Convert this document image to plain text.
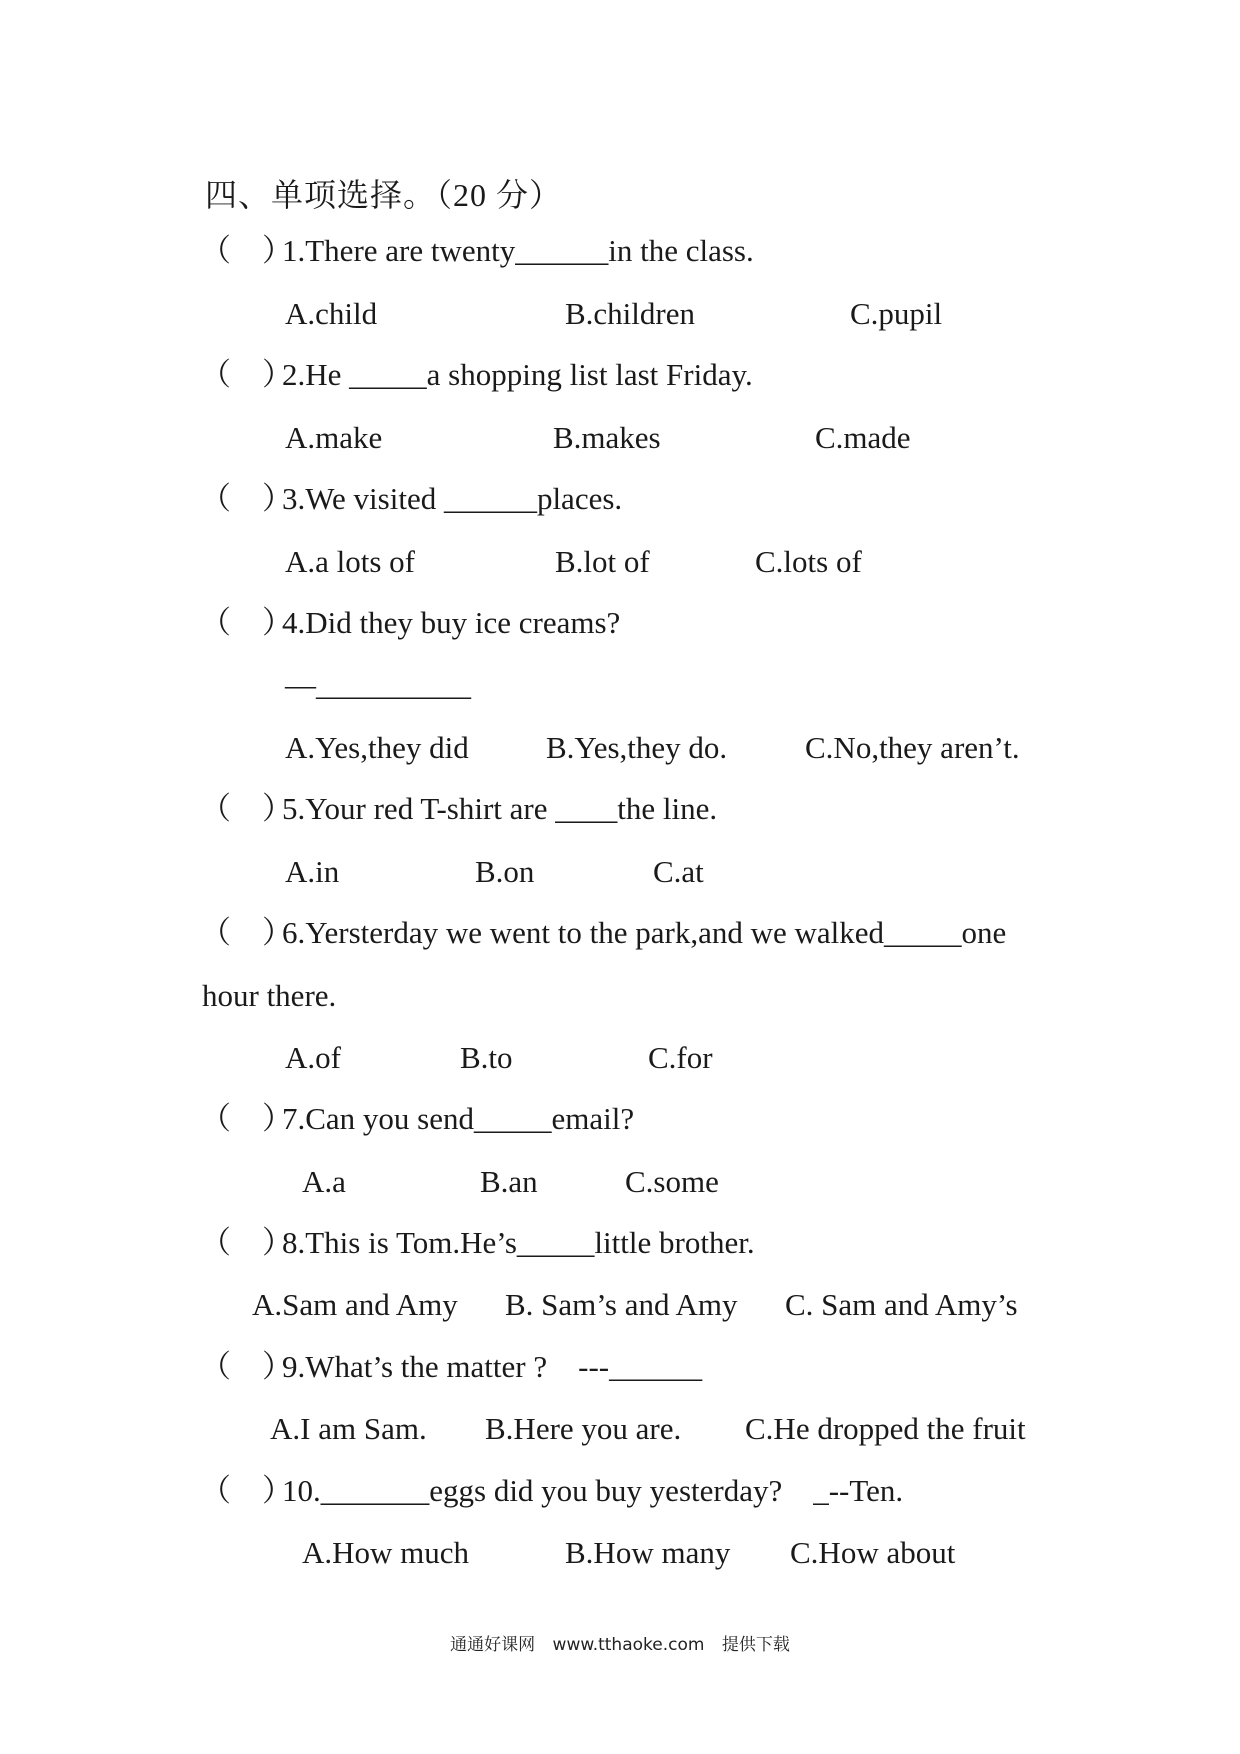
四、单项选择。（20 分）
（　）1.There are twenty______in the class.
A.child	B.children	C.pupil
（　）2.He _____a shopping list last Friday.
A.make	B.makes	C.made
（　）3.We visited ______places.
A.a lots of	B.lot of	C.lots of
（　）4.Did they buy ice creams?
—__________
A.Yes,they did B.Yes,they do.	C.No,they aren’t.
（　）5.Your red T-shirt are ____the line.
A.in	B.on	C.at
（　）6.Yersterday we went to the park,and we walked_____one
hour there.
A.of	B.to	C.for
（　）7.Can you send_____email?
A.a	B.an	C.some
（　）8.This is Tom.He’s_____little brother.
A.Sam and Amy B. Sam’s and Amy C. Sam and Amy’s
（　）9.What’s the matter ?　---______
A.I am Sam. B.Here you are. C.He dropped the fruit
（　）10._______eggs did you buy yesterday?　_--Ten.
A.How much	B.How many C.How about
通通好课网 www.tthaoke.com 提供下载
